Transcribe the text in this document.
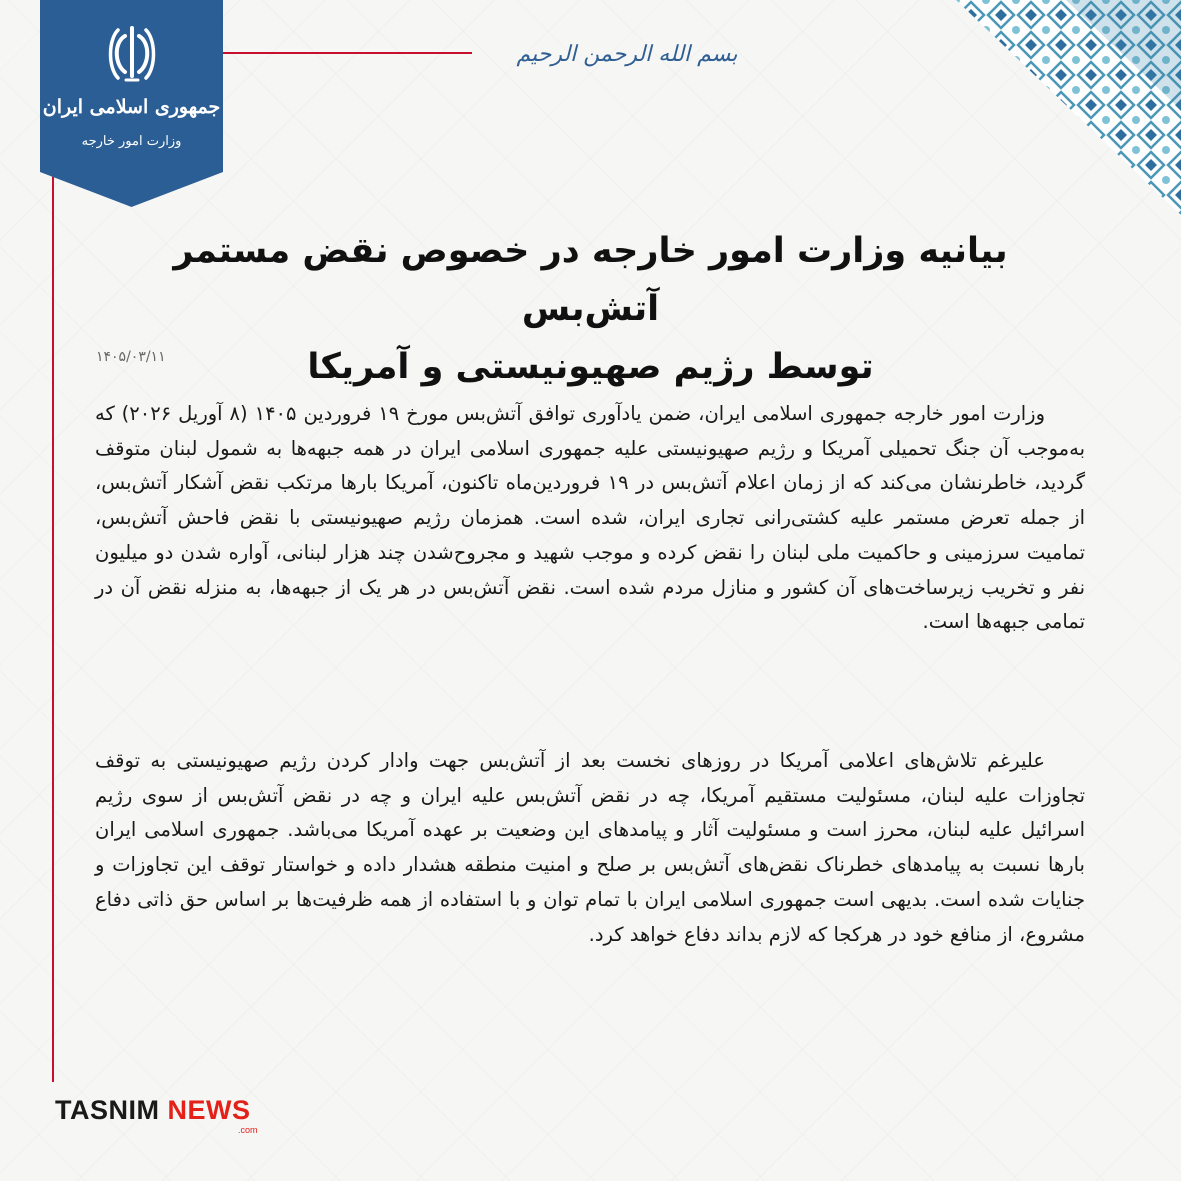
جمهوری اسلامی ایران
وزارت امور خارجه
بسم الله الرحمن الرحیم
بیانیه وزارت امور خارجه در خصوص نقض مستمر آتش‌بس
توسط رژیم صهیونیستی و آمریکا
۱۴۰۵/۰۳/۱۱

وزارت امور خارجه جمهوری اسلامی ایران، ضمن یادآوری توافق آتش‌بس مورخ ۱۹ فروردین ۱۴۰۵ (۸ آوریل ۲۰۲۶) که به‌موجب آن جنگ تحمیلی آمریکا و رژیم صهیونیستی علیه جمهوری اسلامی ایران در همه جبهه‌ها به شمول لبنان متوقف گردید، خاطرنشان می‌کند که از زمان اعلام آتش‌بس در ۱۹ فروردین‌ماه تاکنون، آمریکا بارها مرتکب نقض آشکار آتش‌بس، از جمله تعرض مستمر علیه کشتی‌رانی تجاری ایران، شده است. همزمان رژیم صهیونیستی با نقض فاحش آتش‌بس، تمامیت سرزمینی و حاکمیت ملی لبنان را نقض کرده و موجب شهید و مجروح‌شدن چند هزار لبنانی، آواره شدن دو میلیون نفر و تخریب زیرساخت‌های آن کشور و منازل مردم شده است. نقض آتش‌بس در هر یک از جبهه‌ها، به منزله نقض آن در تمامی جبهه‌ها است.

علیرغم تلاش‌های اعلامی آمریکا در روزهای نخست بعد از آتش‌بس جهت وادار کردن رژیم صهیونیستی به توقف تجاوزات علیه لبنان، مسئولیت مستقیم آمریکا، چه در نقض آتش‌بس علیه ایران و چه در نقض آتش‌بس از سوی رژیم اسرائیل علیه لبنان، محرز است و مسئولیت آثار و پیامدهای این وضعیت بر عهده آمریکا می‌باشد. جمهوری اسلامی ایران بارها نسبت به پیامدهای خطرناک نقض‌های آتش‌بس بر صلح و امنیت منطقه هشدار داده و خواستار توقف این تجاوزات و جنایات شده است. بدیهی است جمهوری اسلامی ایران با تمام توان و با استفاده از همه ظرفیت‌ها بر اساس حق ذاتی دفاع مشروع، از منافع خود در هرکجا که لازم بداند دفاع خواهد کرد.

TASNIM NEWS
.com
